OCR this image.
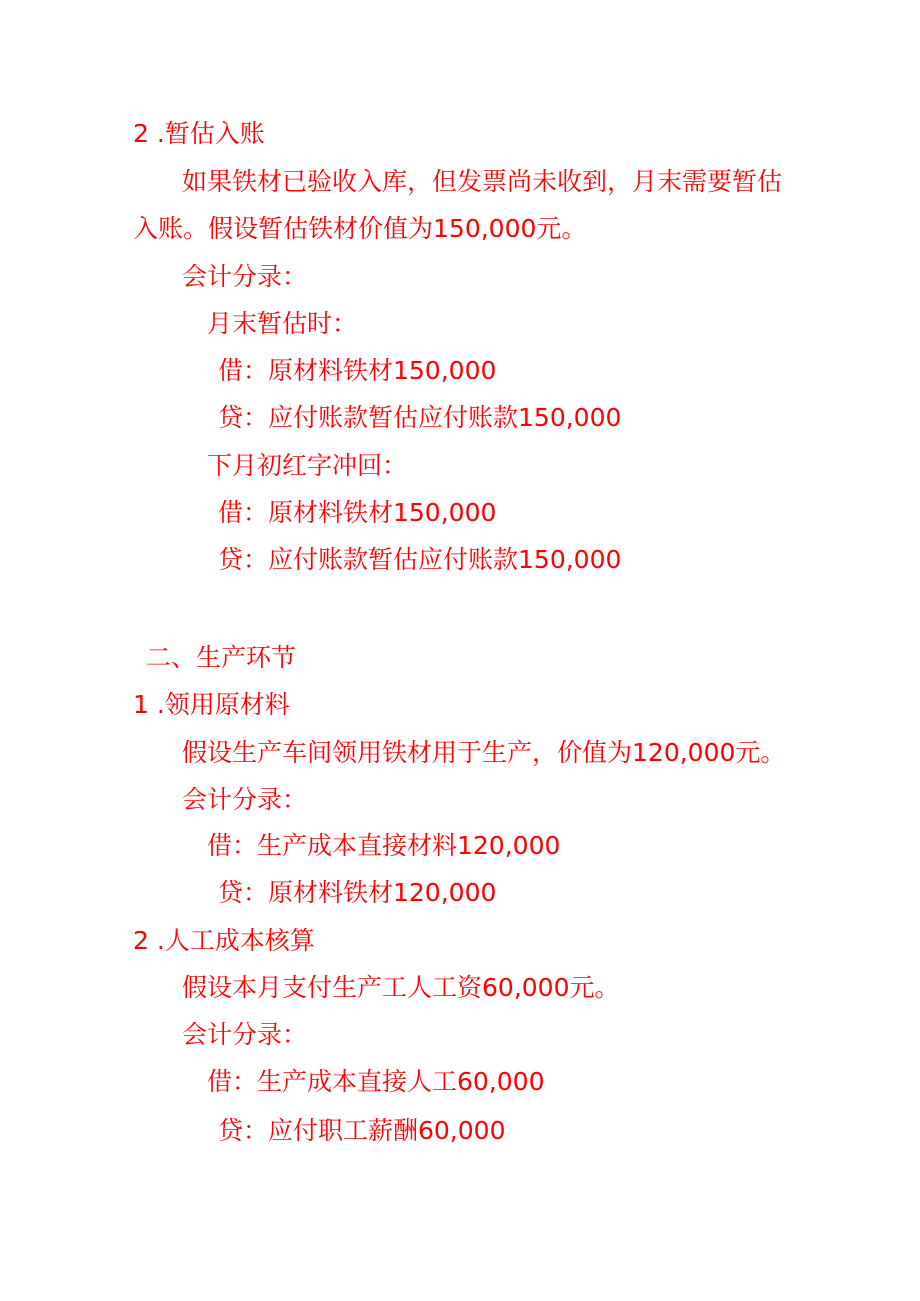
2 .暂估入账
如果铁材已验收入库，但发票尚未收到，月末需要暂估
入账。假设暂估铁材价值为150,000元。
会计分录：
月末暂估时：
借：原材料铁材150,000
贷：应付账款暂估应付账款150,000
下月初红字冲回：
借：原材料铁材150,000
贷：应付账款暂估应付账款150,000
二、生产环节
1 .领用原材料
假设生产车间领用铁材用于生产，价值为120,000元。
会计分录：
借：生产成本直接材料120,000
贷：原材料铁材120,000
2 .人工成本核算
假设本月支付生产工人工资60,000元。
会计分录：
借：生产成本直接人工60,000
贷：应付职工薪酬60,000
